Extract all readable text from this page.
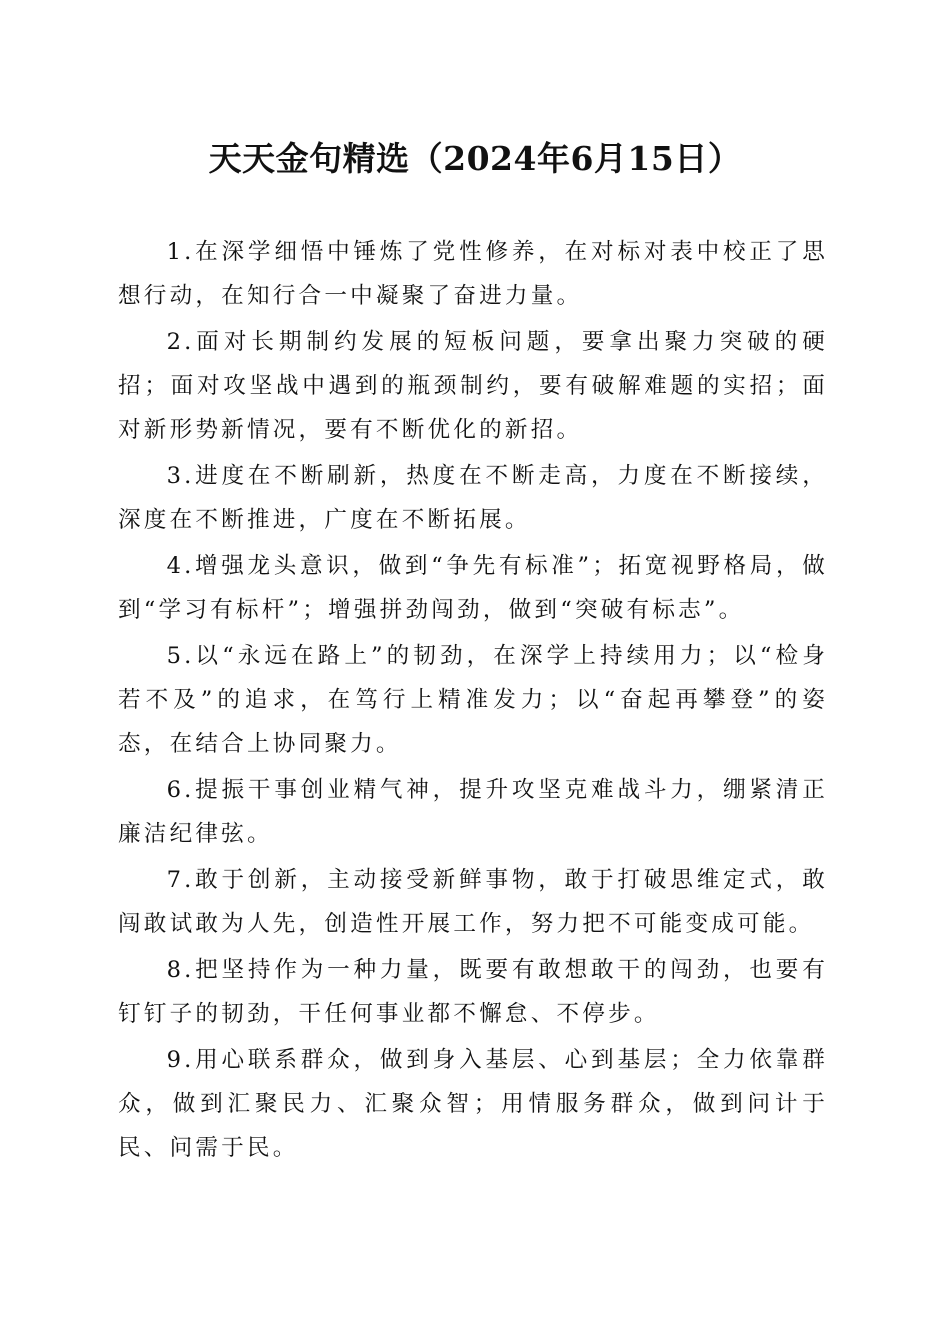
天天金句精选（2024年6月15日）

1.在深学细悟中锤炼了党性修养，在对标对表中校正了思想行动，在知行合一中凝聚了奋进力量。

2.面对长期制约发展的短板问题，要拿出聚力突破的硬招；面对攻坚战中遇到的瓶颈制约，要有破解难题的实招；面对新形势新情况，要有不断优化的新招。

3.进度在不断刷新，热度在不断走高，力度在不断接续，深度在不断推进，广度在不断拓展。

4.增强龙头意识，做到“争先有标准”；拓宽视野格局，做到“学习有标杆”；增强拼劲闯劲，做到“突破有标志”。

5.以“永远在路上”的韧劲，在深学上持续用力；以“检身若不及”的追求，在笃行上精准发力；以“奋起再攀登”的姿态，在结合上协同聚力。

6.提振干事创业精气神，提升攻坚克难战斗力，绷紧清正廉洁纪律弦。

7.敢于创新，主动接受新鲜事物，敢于打破思维定式，敢闯敢试敢为人先，创造性开展工作，努力把不可能变成可能。

8.把坚持作为一种力量，既要有敢想敢干的闯劲，也要有钉钉子的韧劲，干任何事业都不懈怠、不停步。

9.用心联系群众，做到身入基层、心到基层；全力依靠群众，做到汇聚民力、汇聚众智；用情服务群众，做到问计于民、问需于民。
